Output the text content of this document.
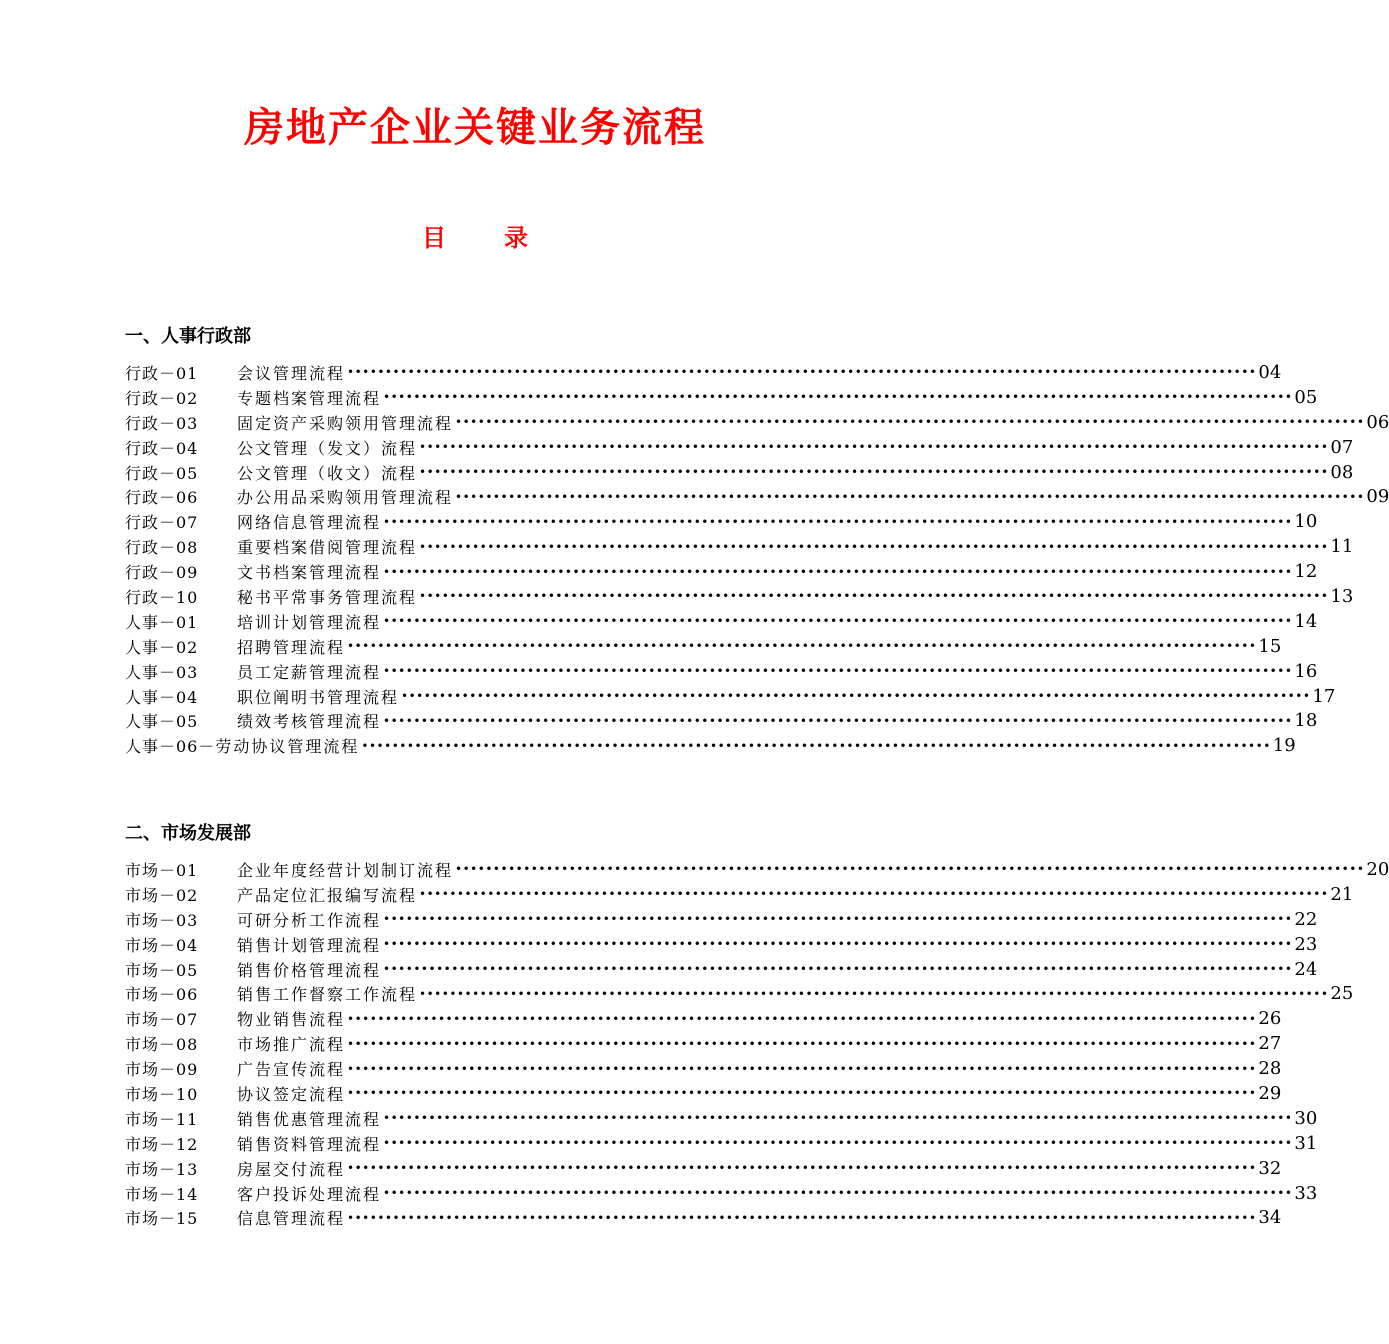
房地产企业关键业务流程
目 录
一、人事行政部
行政－01	会议管理流程 •••••••••••••••••••••••••••••••••••••••••••••••••••••••••••••••••••••••••••••••••••••••••••••••••••••••••••••••••••••••• 04
行政－02	专题档案管理流程 •••••••••••••••••••••••••••••••••••••••••••••••••••••••••••••••••••••••••••••••••••••••••••••••••••••••••••••••••••••••• 05
行政－03	固定资产采购领用管理流程 •••••••••••••••••••••••••••••••••••••••••••••••••••••••••••••••••••••••••••••••••••••••••••••••••••••••••••••••••••••••• 06
行政－04	公文管理（发文）流程 •••••••••••••••••••••••••••••••••••••••••••••••••••••••••••••••••••••••••••••••••••••••••••••••••••••••••••••••••••••••• 07
行政－05	公文管理（收文）流程 •••••••••••••••••••••••••••••••••••••••••••••••••••••••••••••••••••••••••••••••••••••••••••••••••••••••••••••••••••••••• 08
行政－06	办公用品采购领用管理流程 •••••••••••••••••••••••••••••••••••••••••••••••••••••••••••••••••••••••••••••••••••••••••••••••••••••••••••••••••••••••• 09
行政－07	网络信息管理流程 •••••••••••••••••••••••••••••••••••••••••••••••••••••••••••••••••••••••••••••••••••••••••••••••••••••••••••••••••••••••• 10
行政－08	重要档案借阅管理流程 •••••••••••••••••••••••••••••••••••••••••••••••••••••••••••••••••••••••••••••••••••••••••••••••••••••••••••••••••••••••• 11
行政－09	文书档案管理流程 •••••••••••••••••••••••••••••••••••••••••••••••••••••••••••••••••••••••••••••••••••••••••••••••••••••••••••••••••••••••• 12
行政－10	秘书平常事务管理流程 •••••••••••••••••••••••••••••••••••••••••••••••••••••••••••••••••••••••••••••••••••••••••••••••••••••••••••••••••••••••• 13
人事－01	培训计划管理流程 •••••••••••••••••••••••••••••••••••••••••••••••••••••••••••••••••••••••••••••••••••••••••••••••••••••••••••••••••••••••• 14
人事－02	招聘管理流程 •••••••••••••••••••••••••••••••••••••••••••••••••••••••••••••••••••••••••••••••••••••••••••••••••••••••••••••••••••••••• 15
人事－03	员工定薪管理流程 •••••••••••••••••••••••••••••••••••••••••••••••••••••••••••••••••••••••••••••••••••••••••••••••••••••••••••••••••••••••• 16
人事－04	职位阐明书管理流程 •••••••••••••••••••••••••••••••••••••••••••••••••••••••••••••••••••••••••••••••••••••••••••••••••••••••••••••••••••••••• 17
人事－05	绩效考核管理流程 •••••••••••••••••••••••••••••••••••••••••••••••••••••••••••••••••••••••••••••••••••••••••••••••••••••••••••••••••••••••• 18
人事－06－ 劳动协议管理流程 •••••••••••••••••••••••••••••••••••••••••••••••••••••••••••••••••••••••••••••••••••••••••••••••••••••••••••••••••••••••• 19
二、市场发展部
市场－01	企业年度经营计划制订流程 •••••••••••••••••••••••••••••••••••••••••••••••••••••••••••••••••••••••••••••••••••••••••••••••••••••••••••••••••••••••• 20
市场－02	产品定位汇报编写流程 •••••••••••••••••••••••••••••••••••••••••••••••••••••••••••••••••••••••••••••••••••••••••••••••••••••••••••••••••••••••• 21
市场－03	可研分析工作流程 •••••••••••••••••••••••••••••••••••••••••••••••••••••••••••••••••••••••••••••••••••••••••••••••••••••••••••••••••••••••• 22
市场－04	销售计划管理流程 •••••••••••••••••••••••••••••••••••••••••••••••••••••••••••••••••••••••••••••••••••••••••••••••••••••••••••••••••••••••• 23
市场－05	销售价格管理流程 •••••••••••••••••••••••••••••••••••••••••••••••••••••••••••••••••••••••••••••••••••••••••••••••••••••••••••••••••••••••• 24
市场－06	销售工作督察工作流程 •••••••••••••••••••••••••••••••••••••••••••••••••••••••••••••••••••••••••••••••••••••••••••••••••••••••••••••••••••••••• 25
市场－07	物业销售流程 •••••••••••••••••••••••••••••••••••••••••••••••••••••••••••••••••••••••••••••••••••••••••••••••••••••••••••••••••••••••• 26
市场－08	市场推广流程 •••••••••••••••••••••••••••••••••••••••••••••••••••••••••••••••••••••••••••••••••••••••••••••••••••••••••••••••••••••••• 27
市场－09	广告宣传流程 •••••••••••••••••••••••••••••••••••••••••••••••••••••••••••••••••••••••••••••••••••••••••••••••••••••••••••••••••••••••• 28
市场－10	协议签定流程 •••••••••••••••••••••••••••••••••••••••••••••••••••••••••••••••••••••••••••••••••••••••••••••••••••••••••••••••••••••••• 29
市场－11	销售优惠管理流程 •••••••••••••••••••••••••••••••••••••••••••••••••••••••••••••••••••••••••••••••••••••••••••••••••••••••••••••••••••••••• 30
市场－12	销售资料管理流程 •••••••••••••••••••••••••••••••••••••••••••••••••••••••••••••••••••••••••••••••••••••••••••••••••••••••••••••••••••••••• 31
市场－13	房屋交付流程 •••••••••••••••••••••••••••••••••••••••••••••••••••••••••••••••••••••••••••••••••••••••••••••••••••••••••••••••••••••••• 32
市场－14	客户投诉处理流程 •••••••••••••••••••••••••••••••••••••••••••••••••••••••••••••••••••••••••••••••••••••••••••••••••••••••••••••••••••••••• 33
市场－15	信息管理流程 •••••••••••••••••••••••••••••••••••••••••••••••••••••••••••••••••••••••••••••••••••••••••••••••••••••••••••••••••••••••• 34
